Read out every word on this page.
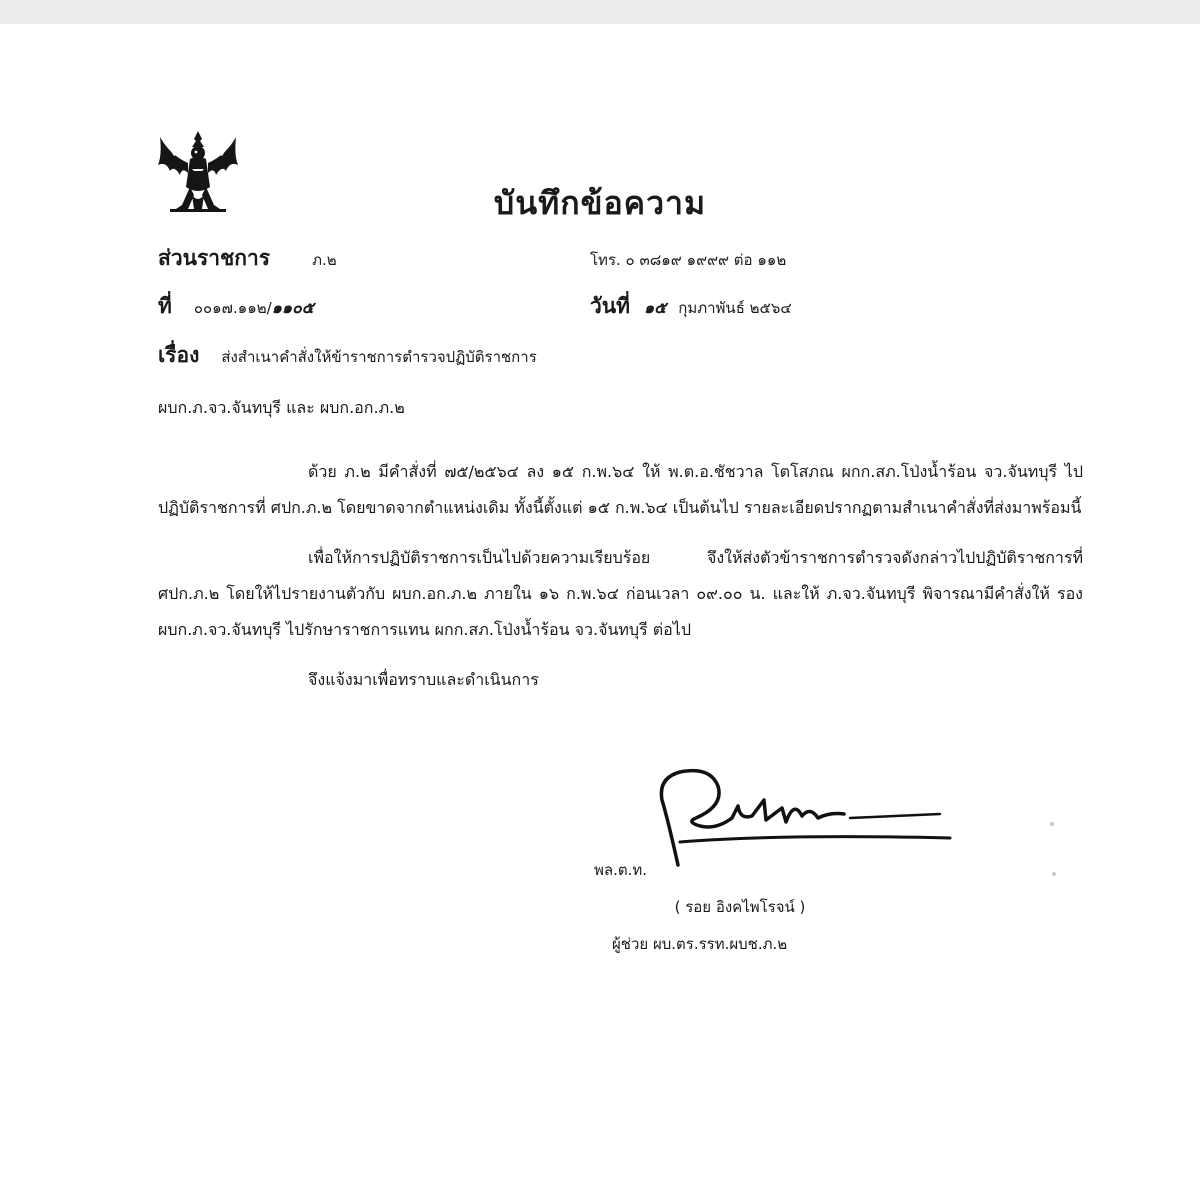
บันทึกข้อความ
ส่วนราชการ	ภ.๒	โทร. ๐ ๓๘๑๙ ๑๙๙๙ ต่อ ๑๑๒
ที่ ๐๐๑๗.๑๑๒/๑๑๐๕	วันที่ ๑๕ กุมภาพันธ์ ๒๕๖๔
เรื่อง ส่งสำเนาคำสั่งให้ข้าราชการตำรวจปฏิบัติราชการ

ผบก.ภ.จว.จันทบุรี และ ผบก.อก.ภ.๒

ด้วย ภ.๒ มีคำสั่งที่ ๗๕/๒๕๖๔ ลง ๑๕ ก.พ.๖๔ ให้ พ.ต.อ.ชัชวาล โตโสภณ ผกก.สภ.โป่งน้ำร้อน จว.จันทบุรี ไปปฏิบัติราชการที่ ศปก.ภ.๒ โดยขาดจากตำแหน่งเดิม ทั้งนี้ตั้งแต่ ๑๕ ก.พ.๖๔ เป็นต้นไป รายละเอียดปรากฏตามสำเนาคำสั่งที่ส่งมาพร้อมนี้

เพื่อให้การปฏิบัติราชการเป็นไปด้วยความเรียบร้อย จึงให้ส่งตัวข้าราชการตำรวจดังกล่าวไปปฏิบัติราชการที่ ศปก.ภ.๒ โดยให้ไปรายงานตัวกับ ผบก.อก.ภ.๒ ภายใน ๑๖ ก.พ.๖๔ ก่อนเวลา ๐๙.๐๐ น. และให้ ภ.จว.จันทบุรี พิจารณามีคำสั่งให้ รอง ผบก.ภ.จว.จันทบุรี ไปรักษาราชการแทน ผกก.สภ.โป่งน้ำร้อน จว.จันทบุรี ต่อไป

จึงแจ้งมาเพื่อทราบและดำเนินการ

พล.ต.ท.
( รอย อิงคไพโรจน์ )
ผู้ช่วย ผบ.ตร.รรท.ผบช.ภ.๒
